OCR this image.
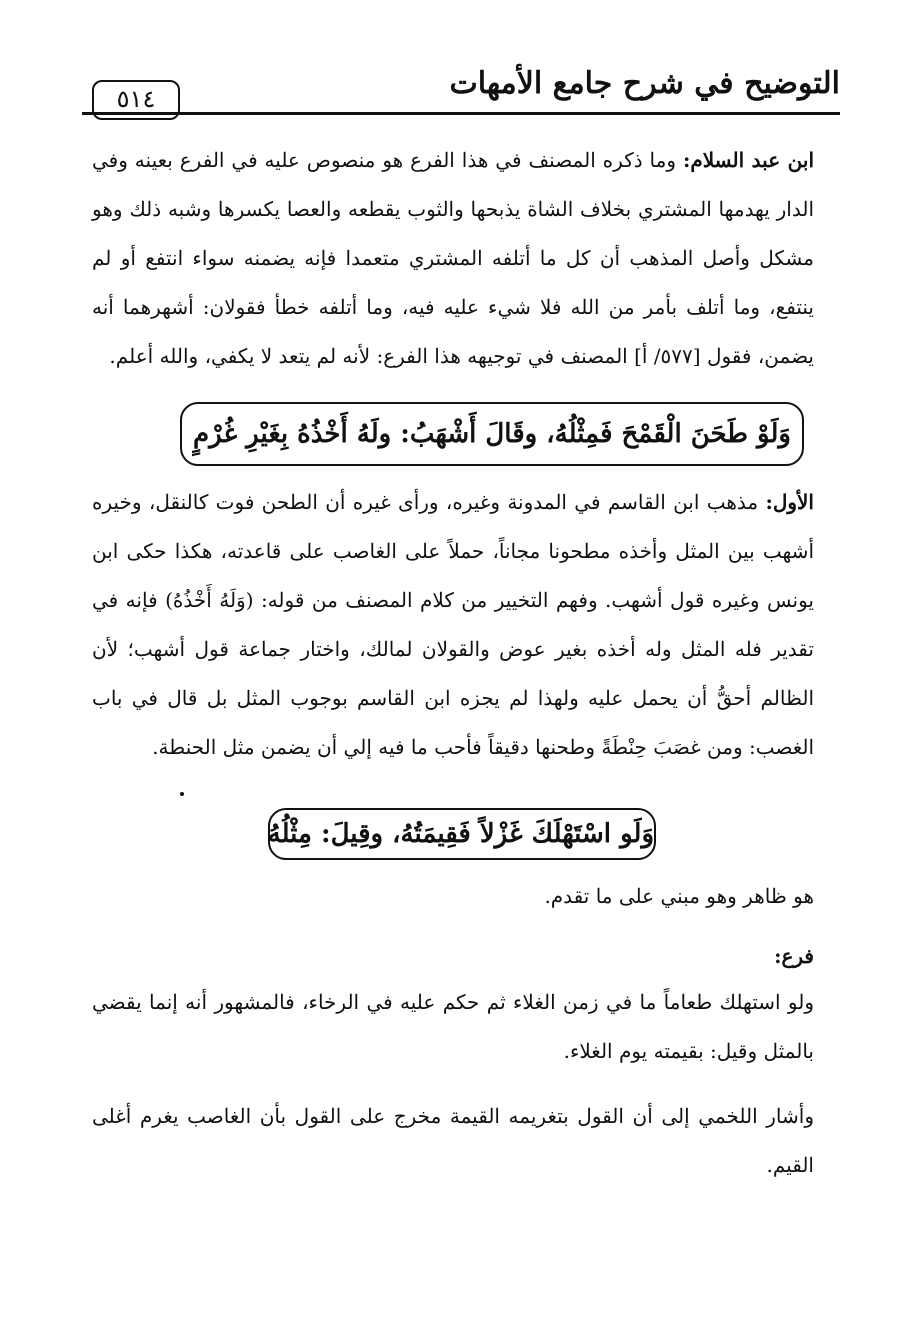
التوضيح في شرح جامع الأمهات
٥١٤
ابن عبد السلام: وما ذكره المصنف في هذا الفرع هو منصوص عليه في الفرع بعينه وفي الدار يهدمها المشتري بخلاف الشاة يذبحها والثوب يقطعه والعصا يكسرها وشبه ذلك وهو مشكل وأصل المذهب أن كل ما أتلفه المشتري متعمدا فإنه يضمنه سواء انتفع أو لم ينتفع، وما أتلف بأمر من الله فلا شيء عليه فيه، وما أتلفه خطأ فقولان: أشهرهما أنه يضمن، فقول [٥٧٧/ أ] المصنف في توجيهه هذا الفرع: لأنه لم يتعد لا يكفي، والله أعلم.
وَلَوْ طَحَنَ الْقَمْحَ فَمِثْلُهُ، وقَالَ أَشْهَبُ: ولَهُ أَخْذُهُ بِغَيْرِ غُرْمٍ
الأول: مذهب ابن القاسم في المدونة وغيره، ورأى غيره أن الطحن فوت كالنقل، وخيره أشهب بين المثل وأخذه مطحونا مجاناً، حملاً على الغاصب على قاعدته، هكذا حكى ابن يونس وغيره قول أشهب. وفهم التخيير من كلام المصنف من قوله: (وَلَهُ أَخْذُهُ) فإنه في تقدير فله المثل وله أخذه بغير عوض والقولان لمالك، واختار جماعة قول أشهب؛ لأن الظالم أحقُّ أن يحمل عليه ولهذا لم يجزه ابن القاسم بوجوب المثل بل قال في باب الغصب: ومن غصَبَ حِنْطَةً وطحنها دقيقاً فأحب ما فيه إلي أن يضمن مثل الحنطة.
وَلَو اسْتَهْلَكَ غَزْلاً فَقِيمَتُهُ، وقِيلَ: مِثْلُهُ
هو ظاهر وهو مبني على ما تقدم.
فرع:
ولو استهلك طعاماً ما في زمن الغلاء ثم حكم عليه في الرخاء، فالمشهور أنه إنما يقضي بالمثل وقيل: بقيمته يوم الغلاء.
وأشار اللخمي إلى أن القول بتغريمه القيمة مخرج على القول بأن الغاصب يغرم أغلى القيم.
